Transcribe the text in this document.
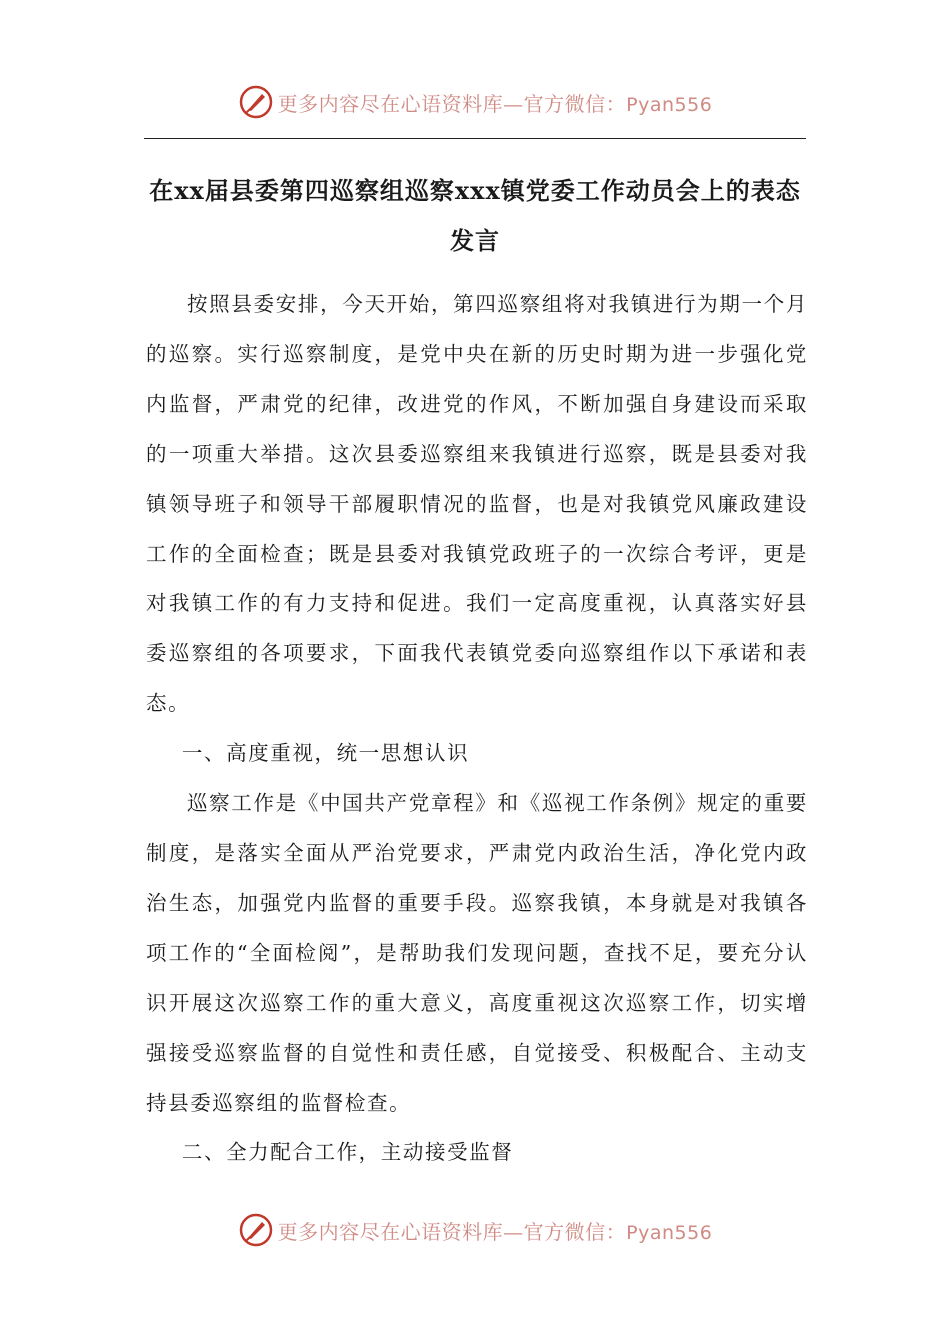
更多内容尽在心语资料库—官方微信：Pyan556
在xx届县委第四巡察组巡察xxx镇党委工作动员会上的表态发言

按照县委安排，今天开始，第四巡察组将对我镇进行为期一个月的巡察。实行巡察制度，是党中央在新的历史时期为进一步强化党内监督，严肃党的纪律，改进党的作风，不断加强自身建设而采取的一项重大举措。这次县委巡察组来我镇进行巡察，既是县委对我镇领导班子和领导干部履职情况的监督，也是对我镇党风廉政建设工作的全面检查；既是县委对我镇党政班子的一次综合考评，更是对我镇工作的有力支持和促进。我们一定高度重视，认真落实好县委巡察组的各项要求，下面我代表镇党委向巡察组作以下承诺和表态。

一、高度重视，统一思想认识

巡察工作是《中国共产党章程》和《巡视工作条例》规定的重要制度，是落实全面从严治党要求，严肃党内政治生活，净化党内政治生态，加强党内监督的重要手段。巡察我镇，本身就是对我镇各项工作的“全面检阅”，是帮助我们发现问题，查找不足，要充分认识开展这次巡察工作的重大意义，高度重视这次巡察工作，切实增强接受巡察监督的自觉性和责任感，自觉接受、积极配合、主动支持县委巡察组的监督检查。

二、全力配合工作，主动接受监督

更多内容尽在心语资料库—官方微信：Pyan556
